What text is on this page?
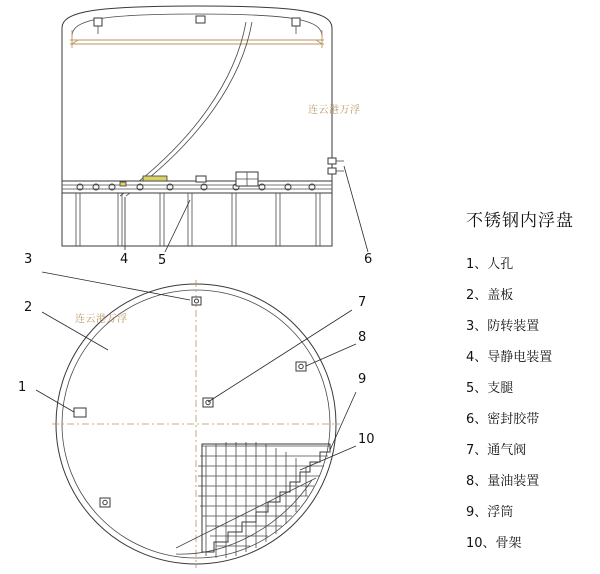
4 5	6
1
2
3
7
8
9
10
连云港万浮
连云港万浮
不锈钢内浮盘
1、人孔
2、盖板
3、防转装置
4、导静电装置
5、支腿
6、密封胶带
7、通气阀
8、量油装置
9、浮筒
10、骨架
